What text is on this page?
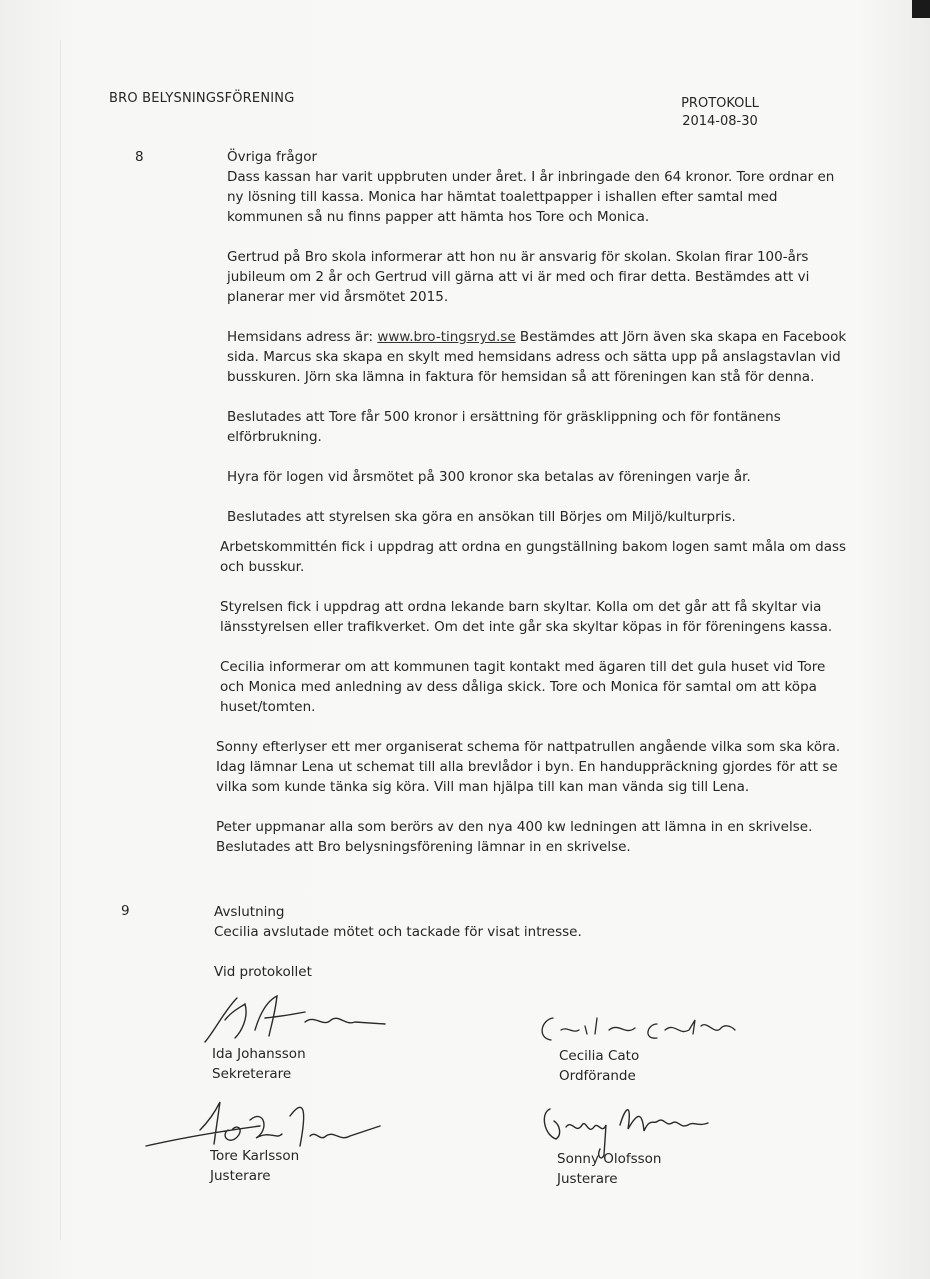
BRO BELYSNINGSFÖRENING	PROTOKOLL
2014-08-30
8	Övriga frågor

Dass kassan har varit uppbruten under året. I år inbringade den 64 kronor. Tore ordnar en ny lösning till kassa. Monica har hämtat toalettpapper i ishallen efter samtal med kommunen så nu finns papper att hämta hos Tore och Monica.

Gertrud på Bro skola informerar att hon nu är ansvarig för skolan. Skolan firar 100-års jubileum om 2 år och Gertrud vill gärna att vi är med och firar detta. Bestämdes att vi planerar mer vid årsmötet 2015.

Hemsidans adress är: www.bro-tingsryd.se Bestämdes att Jörn även ska skapa en Facebook sida. Marcus ska skapa en skylt med hemsidans adress och sätta upp på anslagstavlan vid busskuren. Jörn ska lämna in faktura för hemsidan så att föreningen kan stå för denna.

Beslutades att Tore får 500 kronor i ersättning för gräsklippning och för fontänens elförbrukning.

Hyra för logen vid årsmötet på 300 kronor ska betalas av föreningen varje år.

Beslutades att styrelsen ska göra en ansökan till Börjes om Miljö/kulturpris.

Arbetskommittén fick i uppdrag att ordna en gungställning bakom logen samt måla om dass och busskur.

Styrelsen fick i uppdrag att ordna lekande barn skyltar. Kolla om det går att få skyltar via länsstyrelsen eller trafikverket. Om det inte går ska skyltar köpas in för föreningens kassa.

Cecilia informerar om att kommunen tagit kontakt med ägaren till det gula huset vid Tore och Monica med anledning av dess dåliga skick. Tore och Monica för samtal om att köpa huset/tomten.

Sonny efterlyser ett mer organiserat schema för nattpatrullen angående vilka som ska köra. Idag lämnar Lena ut schemat till alla brevlådor i byn. En handuppräckning gjordes för att se vilka som kunde tänka sig köra. Vill man hjälpa till kan man vända sig till Lena.

Peter uppmanar alla som berörs av den nya 400 kw ledningen att lämna in en skrivelse. Beslutades att Bro belysningsförening lämnar in en skrivelse.

9	Avslutning

Cecilia avslutade mötet och tackade för visat intresse.

Vid protokollet
Ida Johansson
Sekreterare
Cecilia Cato
Ordförande
Tore Karlsson
Justerare
Sonny Olofsson
Justerare
